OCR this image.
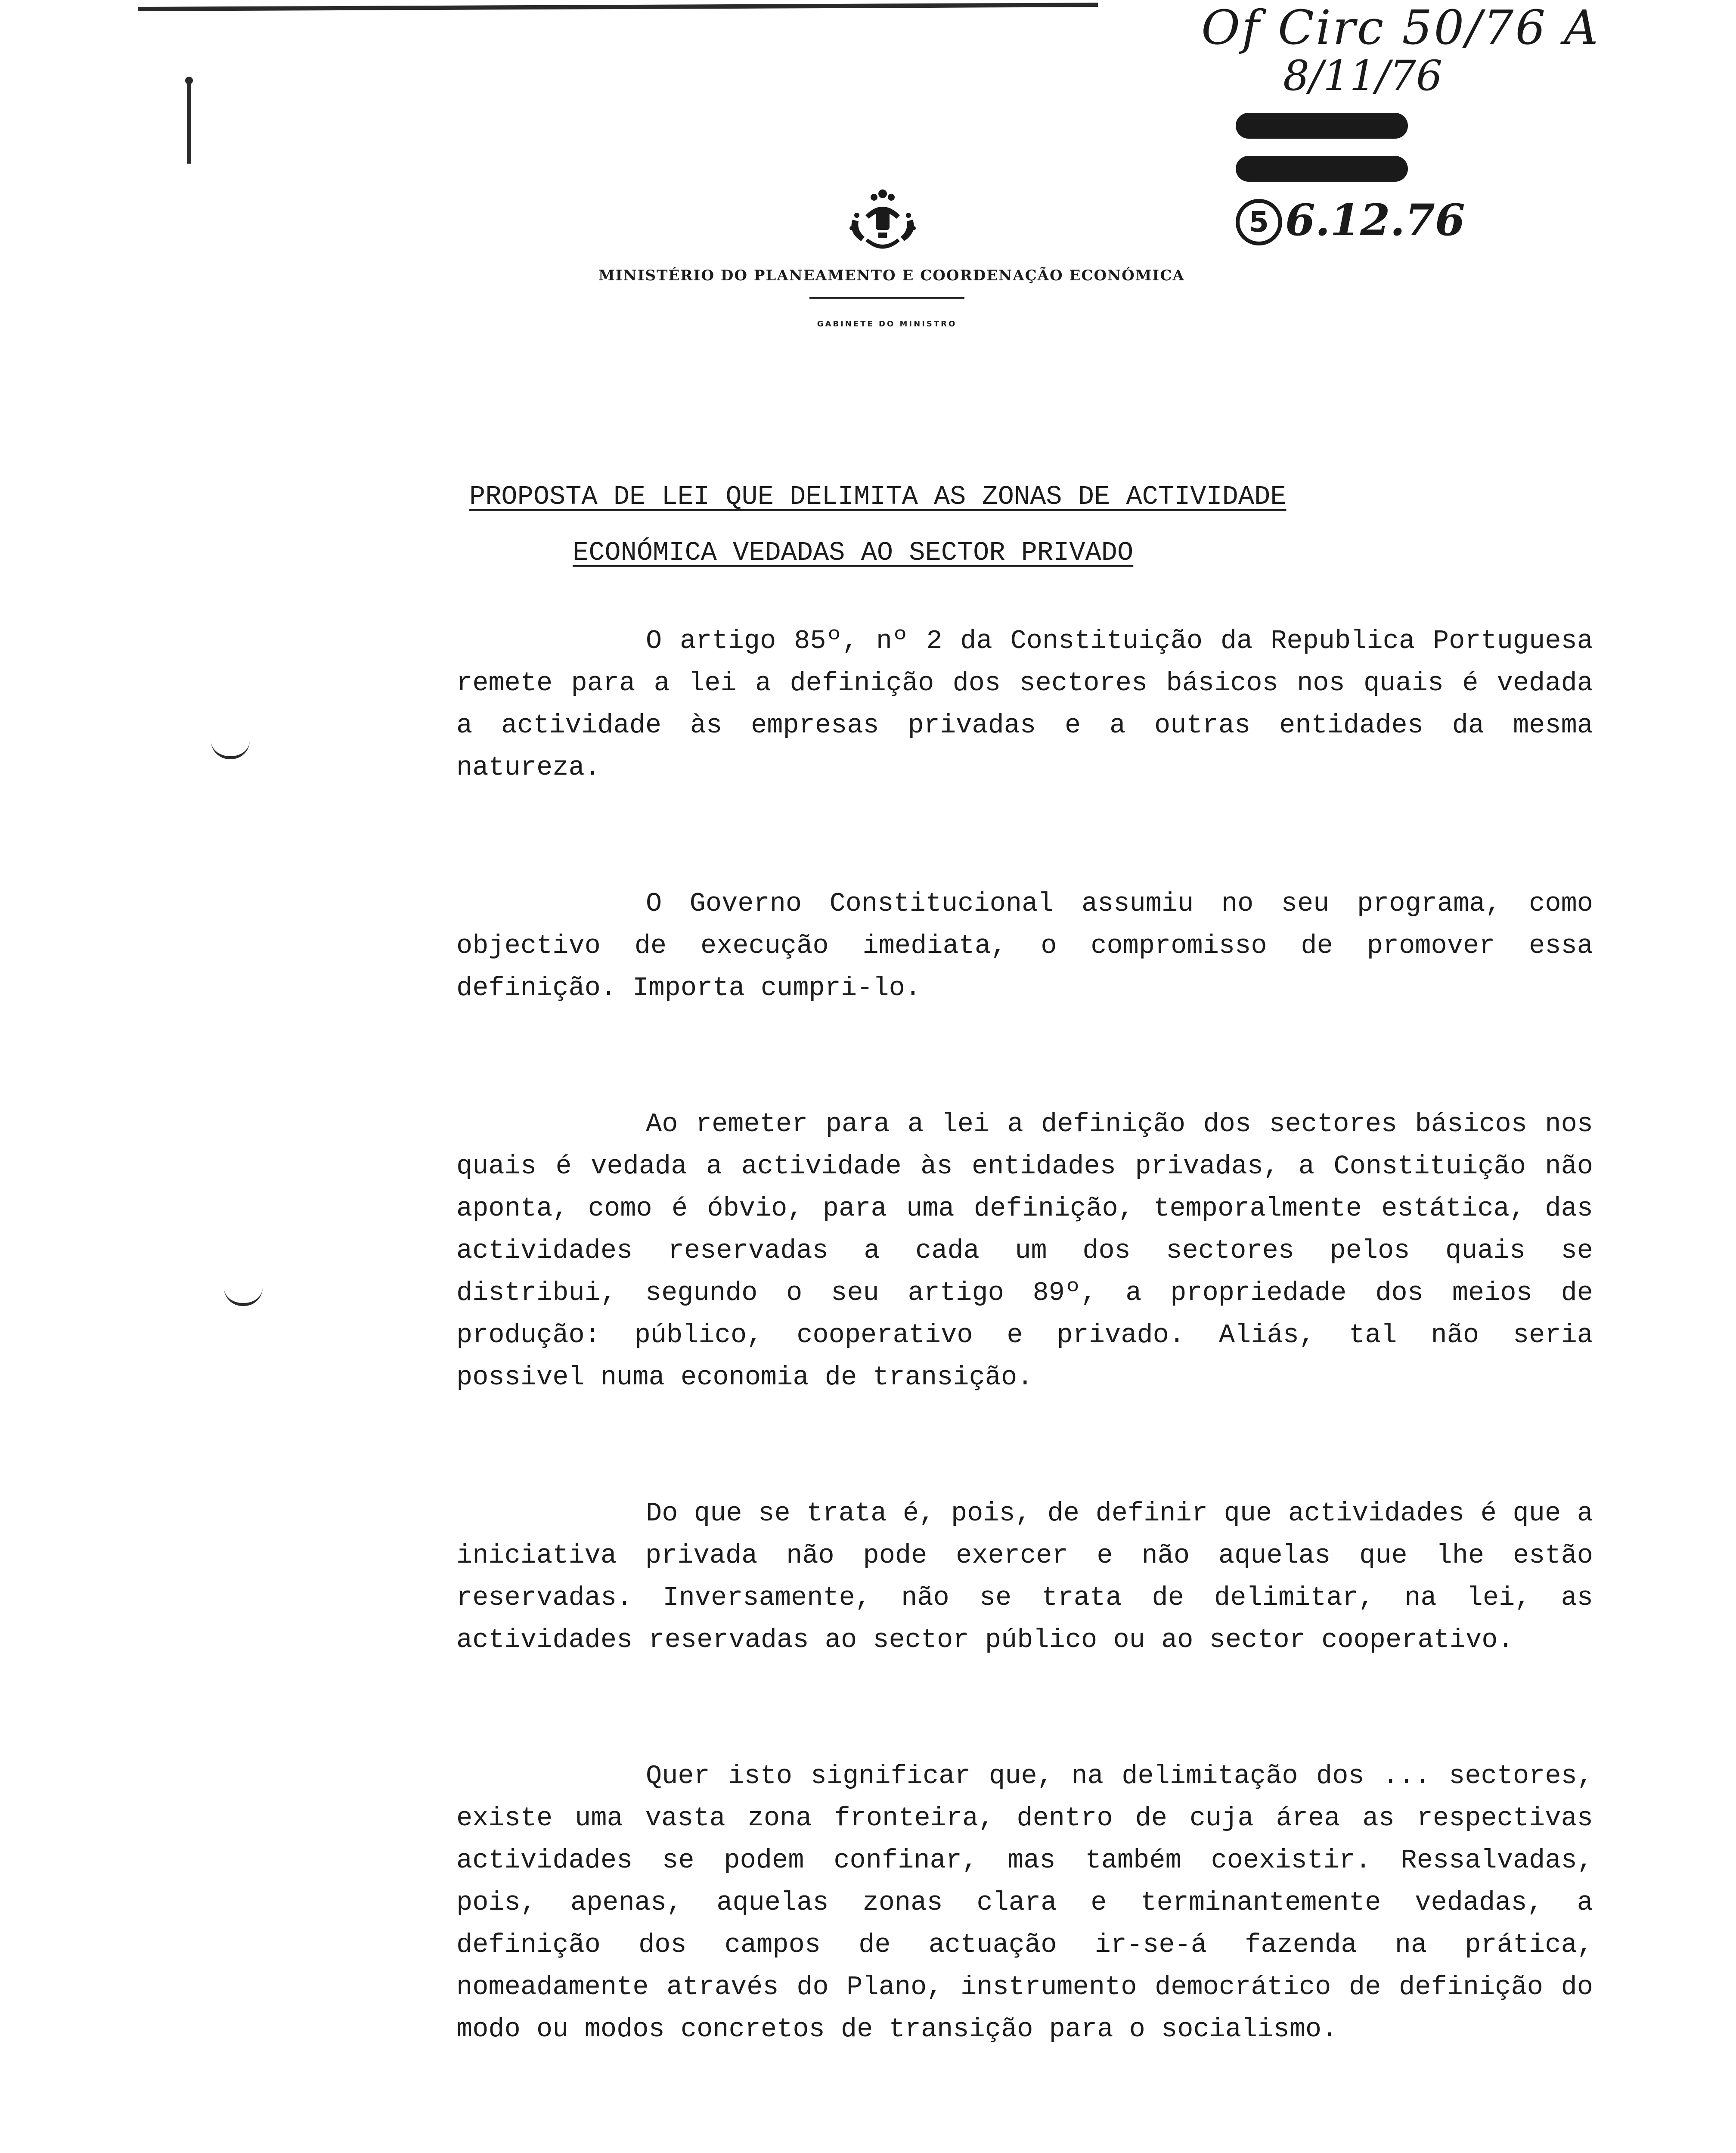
Of Circ 50/76 A
8/11/76
5 6.12.76
MINISTÉRIO DO PLANEAMENTO E COORDENAÇÃO ECONÓMICA
GABINETE DO MINISTRO
PROPOSTA DE LEI QUE DELIMITA AS ZONAS DE ACTIVIDADE
ECONÓMICA VEDADAS AO SECTOR PRIVADO

O artigo 85º, nº 2 da Constituição da Republica Portuguesa remete para a lei a definição dos sectores básicos nos quais é vedada a actividade às empresas privadas e a outras entidades da mesma natureza.

O Governo Constitucional assumiu no seu programa, como objectivo de execução imediata, o compromisso de promover essa definição. Importa cumpri-lo.

Ao remeter para a lei a definição dos sectores básicos nos quais é vedada a actividade às entidades privadas, a Constituição não aponta, como é óbvio, para uma definição, temporalmente estática, das actividades reservadas a cada um dos sectores pelos quais se distribui, segundo o seu artigo 89º, a propriedade dos meios de produção: público, cooperativo e privado. Aliás, tal não seria possivel numa economia de transição.

Do que se trata é, pois, de definir que actividades é que a iniciativa privada não pode exercer e não aquelas que lhe estão reservadas. Inversamente, não se trata de delimitar, na lei, as actividades reservadas ao sector público ou ao sector cooperativo.

Quer isto significar que, na delimitação dos ... sectores, existe uma vasta zona fronteira, dentro de cuja área as respectivas actividades se podem confinar, mas também coexistir. Ressalvadas, pois, apenas, aquelas zonas clara e terminantemente vedadas, a definição dos campos de actuação ir-se-á fazenda na prática, nomeadamente através do Plano, instrumento democrático de definição do modo ou modos concretos de transição para o socialismo.
